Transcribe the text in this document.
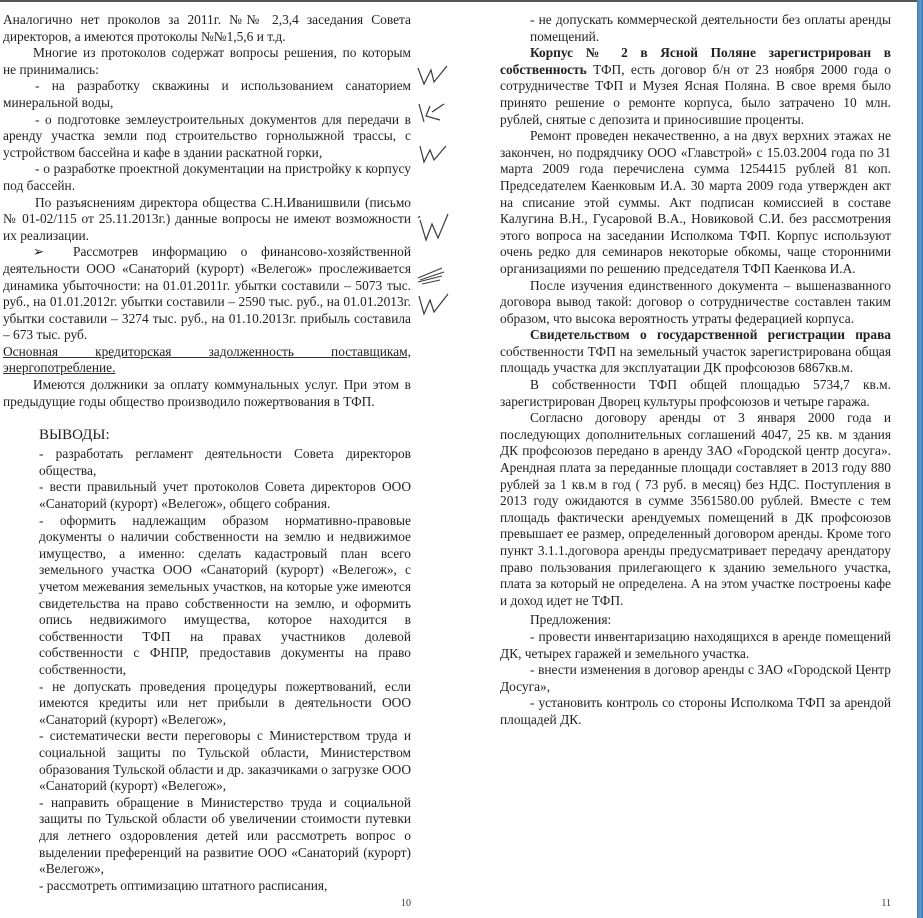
Аналогично нет проколов за 2011г. №№ 2,3,4 заседания Совета директоров, а имеются протоколы №№1,5,6 и т.д.

Многие из протоколов содержат вопросы решения, по которым не принимались:

- на разработку скважины и использованием санаторием минеральной воды,

- о подготовке землеустроительных документов для передачи в аренду участка земли под строительство горнолыжной трассы, с устройством бассейна и кафе в здании раскатной горки,

- о разработке проектной документации на пристройку к корпусу под бассейн.

По разъяснениям директора общества С.Н.Иванишвили (письмо № 01-02/115 от 25.11.2013г.) данные вопросы не имеют возможности их реализации.

➢ Рассмотрев информацию о финансово-хозяйственной деятельности ООО «Санаторий (курорт) «Велегож» прослеживается динамика убыточности: на 01.01.2011г. убытки составили – 5073 тыс. руб., на 01.01.2012г. убытки составили – 2590 тыс. руб., на 01.01.2013г. убытки составили – 3274 тыс. руб., на 01.10.2013г. прибыль составила – 673 тыс. руб.

Основная кредиторская задолженность поставщикам, энергопотребление.

Имеются должники за оплату коммунальных услуг. При этом в предыдущие годы общество производило пожертвования в ТФП.

ВЫВОДЫ:

- разработать регламент деятельности Совета директоров общества,

- вести правильный учет протоколов Совета директоров ООО «Санаторий (курорт) «Велегож», общего собрания.

- оформить надлежащим образом нормативно-правовые документы о наличии собственности на землю и недвижимое имущество, а именно: сделать кадастровый план всего земельного участка ООО «Санаторий (курорт) «Велегож», с учетом межевания земельных участков, на которые уже имеются свидетельства на право собственности на землю, и оформить опись недвижимого имущества, которое находится в собственности ТФП на правах участников долевой собственности с ФНПР, предоставив документы на право собственности,

- не допускать проведения процедуры пожертвований, если имеются кредиты или нет прибыли в деятельности ООО «Санаторий (курорт) «Велегож»,

- систематически вести переговоры с Министерством труда и социальной защиты по Тульской области, Министерством образования Тульской области и др. заказчиками о загрузке ООО «Санаторий (курорт) «Велегож»,

- направить обращение в Министерство труда и социальной защиты по Тульской области об увеличении стоимости путевки для летнего оздоровления детей или рассмотреть вопрос о выделении преференций на развитие ООО «Санаторий (курорт) «Велегож»,

- рассмотреть оптимизацию штатного расписания,

10

- не допускать коммерческой деятельности без оплаты аренды помещений.

Корпус № 2 в Ясной Поляне зарегистрирован в собственность ТФП, есть договор б/н от 23 ноября 2000 года о сотрудничестве ТФП и Музея Ясная Поляна. В свое время было принято решение о ремонте корпуса, было затрачено 10 млн. рублей, снятые с депозита и приносившие проценты.

Ремонт проведен некачественно, а на двух верхних этажах не закончен, но подрядчику ООО «Главстрой» с 15.03.2004 года по 31 марта 2009 года перечислена сумма 1254415 рублей 81 коп. Председателем Каенковым И.А. 30 марта 2009 года утвержден акт на списание этой суммы. Акт подписан комиссией в составе Калугина В.Н., Гусаровой В.А., Новиковой С.И. без рассмотрения этого вопроса на заседании Исполкома ТФП. Корпус используют очень редко для семинаров некоторые обкомы, чаще сторонними организациями по решению председателя ТФП Каенкова И.А.

После изучения единственного документа – вышеназванного договора вывод такой: договор о сотрудничестве составлен таким образом, что высока вероятность утраты федерацией корпуса.

Свидетельством о государственной регистрации права собственности ТФП на земельный участок зарегистрирована общая площадь участка для эксплуатации ДК профсоюзов 6867кв.м.

В собственности ТФП общей площадью 5734,7 кв.м. зарегистрирован Дворец культуры профсоюзов и четыре гаража.

Согласно договору аренды от 3 января 2000 года и последующих дополнительных соглашений 4047, 25 кв. м здания ДК профсоюзов передано в аренду ЗАО «Городской центр досуга». Арендная плата за переданные площади составляет в 2013 году 880 рублей за 1 кв.м в год ( 73 руб. в месяц) без НДС. Поступления в 2013 году ожидаются в сумме 3561580.00 рублей. Вместе с тем площадь фактически арендуемых помещений в ДК профсоюзов превышает ее размер, определенный договором аренды. Кроме того пункт 3.1.1.договора аренды предусматривает передачу арендатору право пользования прилегающего к зданию земельного участка, плата за который не определена. А на этом участке построены кафе и доход идет не ТФП.

Предложения:

- провести инвентаризацию находящихся в аренде помещений ДК, четырех гаражей и земельного участка.

- внести изменения в договор аренды с ЗАО «Городской Центр Досуга»,

- установить контроль со стороны Исполкома ТФП за арендой площадей ДК.

11
